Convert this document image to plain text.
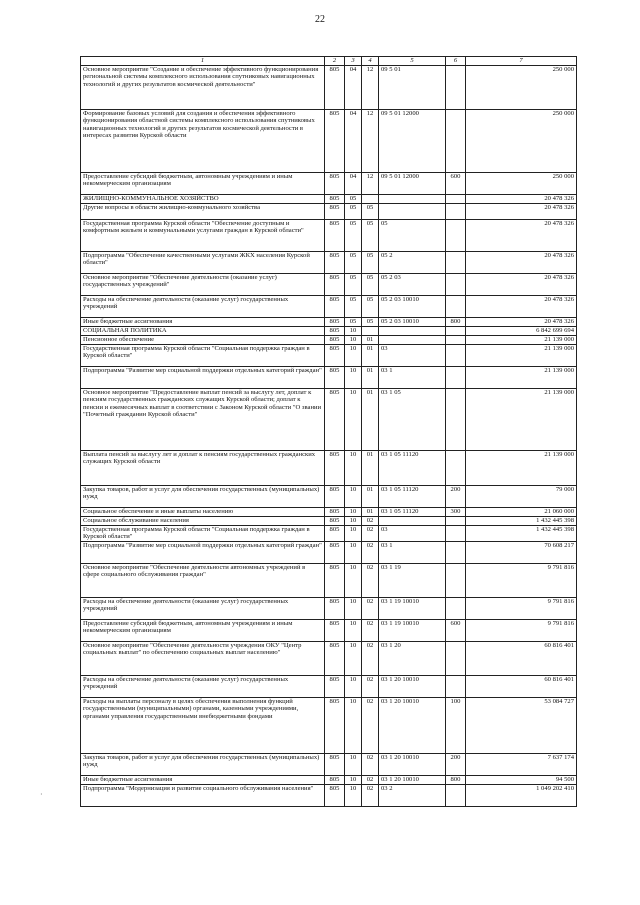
22
1	2	3	4	5	6	7
Основное мероприятие "Создание и обеспечение эффективного функционирования региональной системы комплексного использования спутниковых навигационных технологий и других результатов космической деятельности"	805	04	12	09 5 01		250 000
Формирование базовых условий для создания и обеспечения эффективного функционирования областной системы комплексного использования спутниковых навигационных технологий и других результатов космической деятельности в интересах развития Курской области	805	04	12	09 5 01 12000		250 000
Предоставление субсидий бюджетным, автономным учреждениям и иным некоммерческим организациям	805	04	12	09 5 01 12000	600	250 000
ЖИЛИЩНО-КОММУНАЛЬНОЕ ХОЗЯЙСТВО	805	05				20 478 326
Другие вопросы в области жилищно-коммунального хозяйства	805	05	05			20 478 326
Государственная программа Курской области "Обеспечение доступным и комфортным жильем и коммунальными услугами граждан в Курской области"	805	05	05	05		20 478 326
Подпрограмма "Обеспечение качественными услугами ЖКХ населения Курской области"	805	05	05	05 2		20 478 326
Основное мероприятие "Обеспечение деятельности (оказание услуг) государственных учреждений"	805	05	05	05 2 03		20 478 326
Расходы на обеспечение деятельности (оказание услуг) государственных учреждений	805	05	05	05 2 03 10010		20 478 326
Иные бюджетные ассигнования	805	05	05	05 2 03 10010	800	20 478 326
СОЦИАЛЬНАЯ ПОЛИТИКА	805	10				6 842 699 694
Пенсионное обеспечение	805	10	01			21 139 000
Государственная программа Курской области "Социальная поддержка граждан в Курской области"	805	10	01	03		21 139 000
Подпрограмма "Развитие мер социальной поддержки отдельных категорий граждан"	805	10	01	03 1		21 139 000
Основное мероприятие "Предоставление выплат пенсий за выслугу лет, доплат к пенсиям государственных гражданских служащих Курской области; доплат к пенсии и ежемесячных выплат в соответствии с Законом Курской области "О звании "Почетный гражданин Курской области"	805	10	01	03 1 05		21 139 000
Выплата пенсий за выслугу лет и доплат к пенсиям государственных гражданских служащих Курской области	805	10	01	03 1 05 11120		21 139 000
Закупка товаров, работ и услуг для обеспечения государственных (муниципальных) нужд	805	10	01	03 1 05 11120	200	79 000
Социальное обеспечение и иные выплаты населению	805	10	01	03 1 05 11120	300	21 060 000
Социальное обслуживание населения	805	10	02			1 432 445 398
Государственная программа Курской области "Социальная поддержка граждан в Курской области"	805	10	02	03		1 432 445 398
Подпрограмма "Развитие мер социальной поддержки отдельных категорий граждан"	805	10	02	03 1		70 608 217
Основное мероприятие "Обеспечение деятельности автономных учреждений в сфере социального обслуживания граждан"	805	10	02	03 1 19		9 791 816
Расходы на обеспечение деятельности (оказание услуг) государственных учреждений	805	10	02	03 1 19 10010		9 791 816
Предоставление субсидий бюджетным, автономным учреждениям и иным некоммерческим организациям	805	10	02	03 1 19 10010	600	9 791 816
Основное мероприятие "Обеспечение деятельности учреждения ОКУ "Центр социальных выплат" по обеспечению социальных выплат населению"	805	10	02	03 1 20		60 816 401
Расходы на обеспечение деятельности (оказание услуг) государственных учреждений	805	10	02	03 1 20 10010		60 816 401
Расходы на выплаты персоналу в целях обеспечения выполнения функций государственными (муниципальными) органами, казенными учреждениями, органами управления государственными внебюджетными фондами	805	10	02	03 1 20 10010	100	53 084 727
Закупка товаров, работ и услуг для обеспечения государственных (муниципальных) нужд	805	10	02	03 1 20 10010	200	7 637 174
Иные бюджетные ассигнования	805	10	02	03 1 20 10010	800	94 500
Подпрограмма "Модернизация и развитие социального обслуживания населения"	805	10	02	03 2		1 049 202 410
·
